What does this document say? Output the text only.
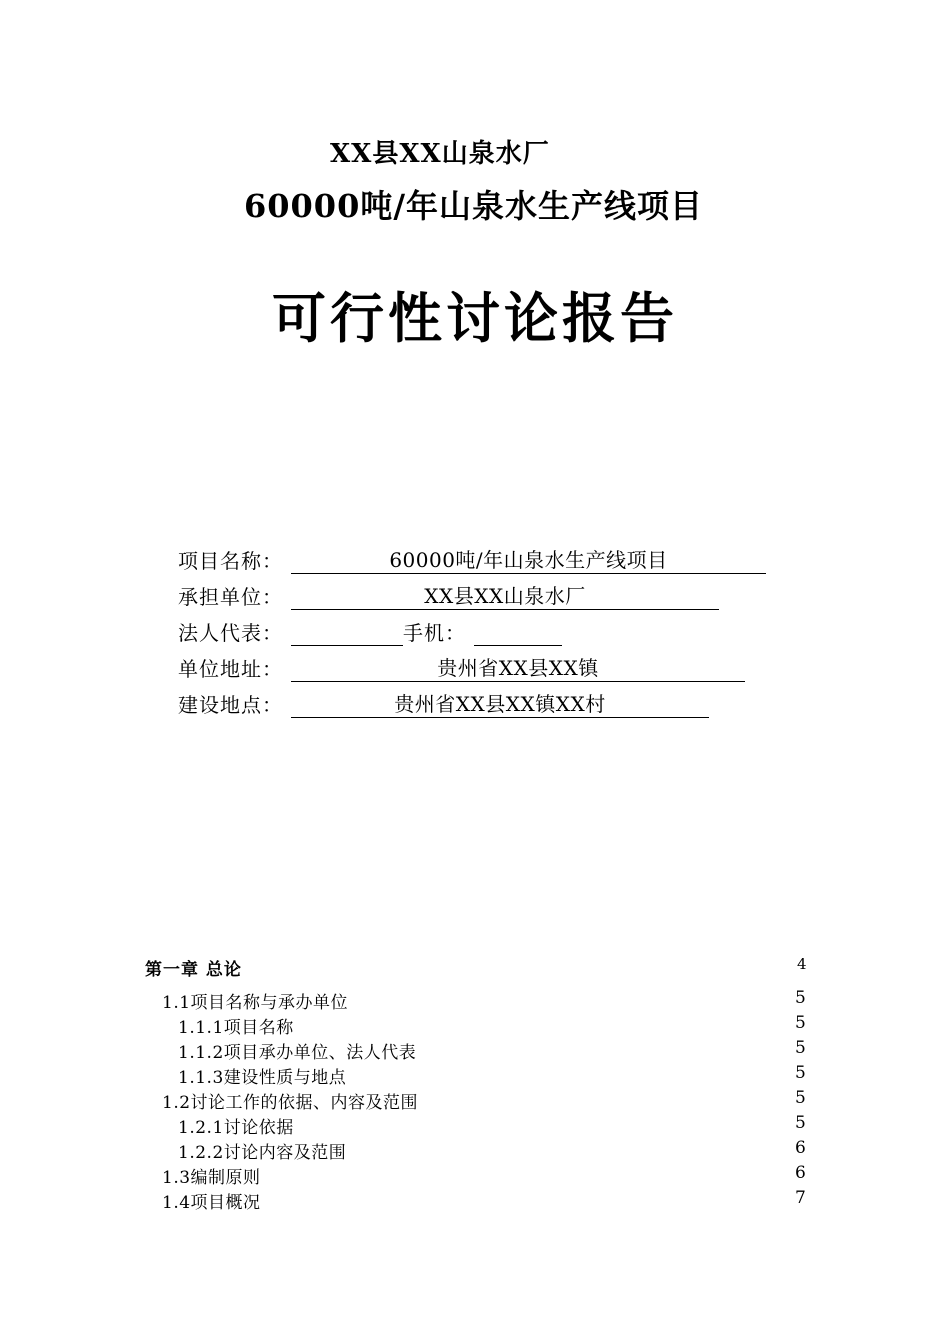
XX县XX山泉水厂
60000吨/年山泉水生产线项目
可行性讨论报告
项目名称：	60000吨/年山泉水生产线项目
承担单位：	XX县XX山泉水厂
法人代表：	手机：
单位地址：	贵州省XX县XX镇
建设地点：	贵州省XX县XX镇XX村
第一章 总论	4
1.1项目名称与承办单位	5
1.1.1项目名称	5
1.1.2项目承办单位、法人代表	5
1.1.3建设性质与地点	5
1.2讨论工作的依据、内容及范围	5
1.2.1讨论依据	5
1.2.2讨论内容及范围	6
1.3编制原则	6
1.4项目概况	7
